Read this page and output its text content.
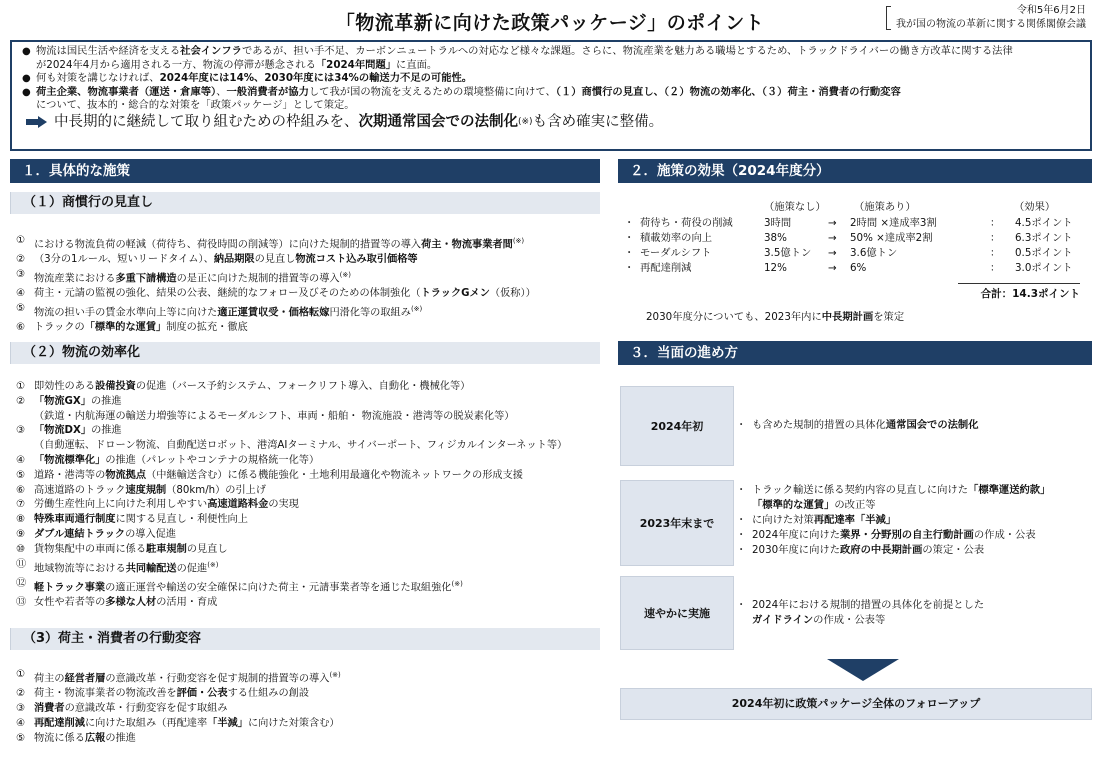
「物流革新に向けた政策パッケージ」のポイント
令和5年6月2日
我が国の物流の革新に関する関係閣僚会議
● 物流は国民生活や経済を支える社会インフラであるが、担い手不足、カーボンニュートラルへの対応など様々な課題。さらに、物流産業を魅力ある職場とするため、トラックドライバーの働き方改革に関する法律
が2024年4月から適用される一方、物流の停滞が懸念される「2024年問題」に直面。
● 何も対策を講じなければ、2024年度には14%、2030年度には34%の輸送力不足の可能性。
● 荷主企業、物流事業者（運送・倉庫等）、一般消費者が協力して我が国の物流を支えるための環境整備に向けて、（１）商慣行の見直し、（２）物流の効率化、（３）荷主・消費者の行動変容
について、抜本的・総合的な対策を「政策パッケージ」として策定。
中長期的に継続して取り組むための枠組みを、 次期通常国会での法制化 (※) も含め確実に整備。
１．具体的な施策
（１）商慣行の見直し
① における物流負荷の軽減（荷待ち、荷役時間の削減等）に向けた規制的措置等の導入荷主・物流事業者間(※)
② （3分の1ルール、短いリードタイム）、納品期限の見直し物流コスト込み取引価格等
③ 物流産業における多重下請構造の是正に向けた規制的措置等の導入(※)
④ 荷主・元請の監視の強化、結果の公表、継続的なフォロー及びそのための体制強化（トラックGメン（仮称））
⑤ 物流の担い手の賃金水準向上等に向けた適正運賃収受・価格転嫁円滑化等の取組み(※)
⑥ トラックの「標準的な運賃」制度の拡充・徹底
（２）物流の効率化
① 即効性のある設備投資の促進（バース予約システム、フォークリフト導入、自動化・機械化等）
② 「物流GX」の推進
（鉄道・内航海運の輸送力増強等によるモーダルシフト、車両・船舶・ 物流施設・港湾等の脱炭素化等）
③ 「物流DX」の推進
（自動運転、ドローン物流、自動配送ロボット、港湾AIターミナル、サイバーポート、フィジカルインターネット等）
④ 「物流標準化」の推進（パレットやコンテナの規格統一化等）
⑤ 道路・港湾等の物流拠点（中継輸送含む）に係る機能強化・土地利用最適化や物流ネットワークの形成支援
⑥ 高速道路のトラック速度規制（80km/h）の引上げ
⑦ 労働生産性向上に向けた利用しやすい高速道路料金の実現
⑧ 特殊車両通行制度に関する見直し・利便性向上
⑨ ダブル連結トラックの導入促進
⑩ 貨物集配中の車両に係る駐車規制の見直し
⑪ 地域物流等における共同輸配送の促進(※)
⑫ 軽トラック事業の適正運営や輸送の安全確保に向けた荷主・元請事業者等を通じた取組強化(※)
⑬ 女性や若者等の多様な人材の活用・育成
（3）荷主・消費者の行動変容
① 荷主の経営者層の意識改革・行動変容を促す規制的措置等の導入(※)
② 荷主・物流事業者の物流改善を評価・公表する仕組みの創設
③ 消費者の意識改革・行動変容を促す取組み
④ 再配達削減に向けた取組み（再配達率「半減」に向けた対策含む）
⑤ 物流に係る広報の推進
２．施策の効果（2024年度分）
（施策なし）	（施策あり）	（効果）
・ 荷待ち・荷役の削減	3時間	→ 2時間 ×達成率3割	： 4.5ポイント
・ 積載効率の向上	38%	→ 50% ×達成率2割	： 6.3ポイント
・ モーダルシフト	3.5億トン → 3.6億トン	： 0.5ポイント
・ 再配達削減	12%	→ 6%	： 3.0ポイント
合計：14.3ポイント
2030年度分についても、2023年内に中長期計画を策定
３．当面の進め方
2024年初	・ も含めた規制的措置の具体化通常国会での法制化
2023年末まで
・ トラック輸送に係る契約内容の見直しに向けた「標準運送約款」
「標準的な運賃」の改正等
・ に向けた対策再配達率「半減」
・ 2024年度に向けた業界・分野別の自主行動計画の作成・公表
・ 2030年度に向けた政府の中長期計画の策定・公表
速やかに実施
・ 2024年における規制的措置の具体化を前提とした
ガイドラインの作成・公表等
2024年初に政策パッケージ全体のフォローアップ
